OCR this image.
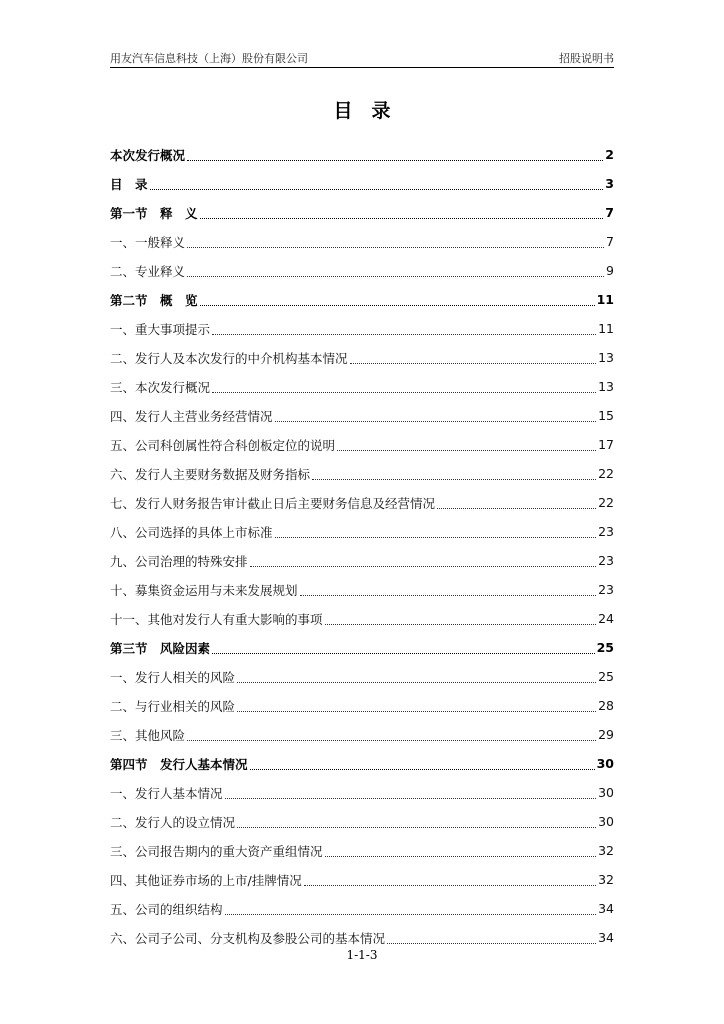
用友汽车信息科技（上海）股份有限公司	招股说明书
目　录
本次发行概况	2
目　录	3
第一节　释　义	7
一、一般释义	7
二、专业释义	9
第二节　概　览	11
一、重大事项提示	11
二、发行人及本次发行的中介机构基本情况	13
三、本次发行概况	13
四、发行人主营业务经营情况	15
五、公司科创属性符合科创板定位的说明	17
六、发行人主要财务数据及财务指标	22
七、发行人财务报告审计截止日后主要财务信息及经营情况	22
八、公司选择的具体上市标准	23
九、公司治理的特殊安排	23
十、募集资金运用与未来发展规划	23
十一、其他对发行人有重大影响的事项	24
第三节　风险因素	25
一、发行人相关的风险	25
二、与行业相关的风险	28
三、其他风险	29
第四节　发行人基本情况	30
一、发行人基本情况	30
二、发行人的设立情况	30
三、公司报告期内的重大资产重组情况	32
四、其他证券市场的上市/挂牌情况	32
五、公司的组织结构	34
六、公司子公司、分支机构及参股公司的基本情况	34
1-1-3
